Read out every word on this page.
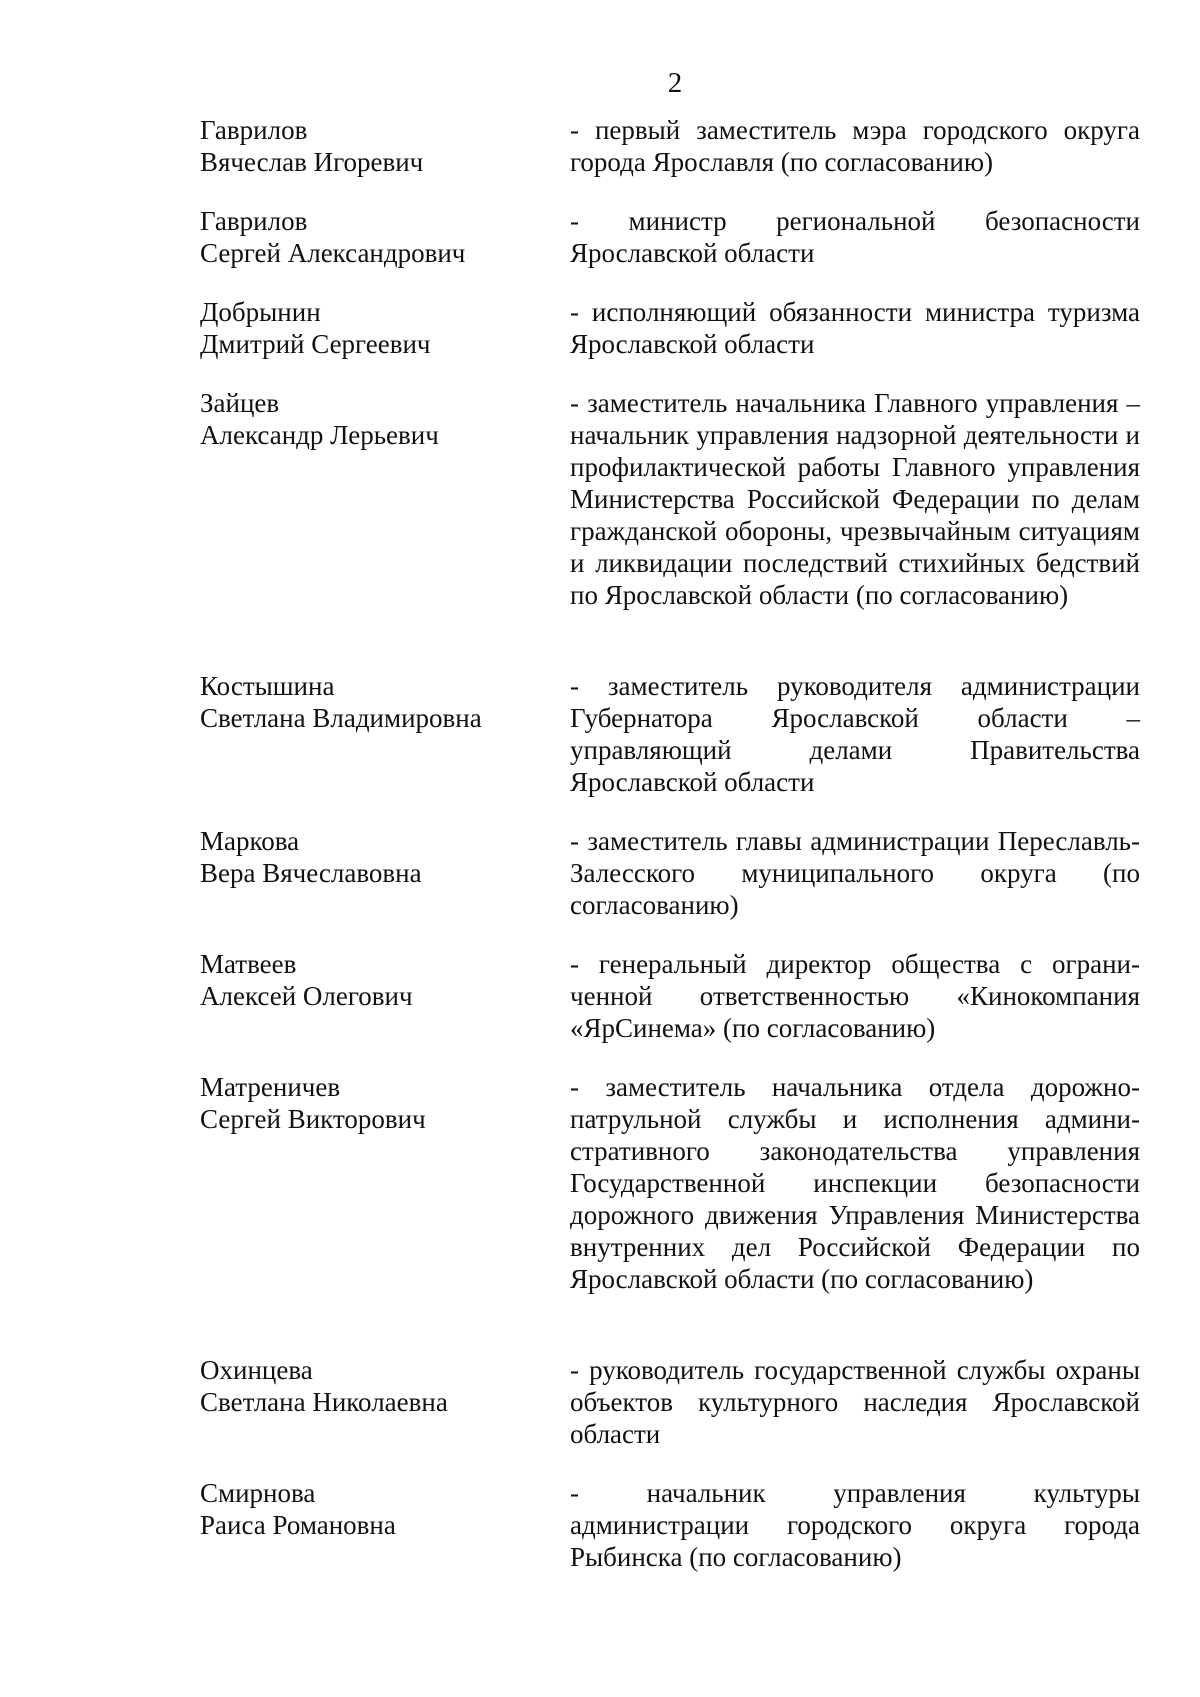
2
Гаврилов
Вячеслав Игоревич
- первый заместитель мэра городского округа города Ярославля (по согласованию)
Гаврилов
Сергей Александрович
- министр региональной безопасности Ярославской области
Добрынин
Дмитрий Сергеевич
- исполняющий обязанности министра туризма Ярославской области
Зайцев
Александр Лерьевич
- заместитель начальника Главного управления – начальник управления надзорной деятельности и профилактической работы Главного управления Министерства Российской Федерации по делам гражданской обороны, чрезвычайным ситуациям и ликвидации последствий стихийных бедствий по Ярославской области (по согласованию)
Костышина
Светлана Владимировна
- заместитель руководителя администрации Губернатора Ярославской области – управляющий делами Правительства Ярославской области
Маркова
Вера Вячеславовна
- заместитель главы администрации Переславль-Залесского муниципального округа (по согласованию)
Матвеев
Алексей Олегович
- генеральный директор общества с ограниченной ответственностью «Кинокомпания «ЯрСинема» (по согласованию)
Матреничев
Сергей Викторович
- заместитель начальника отдела дорожно-патрульной службы и исполнения административного законодательства управления Государственной инспекции безопасности дорожного движения Управления Министерства внутренних дел Российской Федерации по Ярославской области (по согласованию)
Охинцева
Светлана Николаевна
- руководитель государственной службы охраны объектов культурного наследия Ярославской области
Смирнова
Раиса Романовна
- начальник управления культуры администрации городского округа города Рыбинска (по согласованию)
